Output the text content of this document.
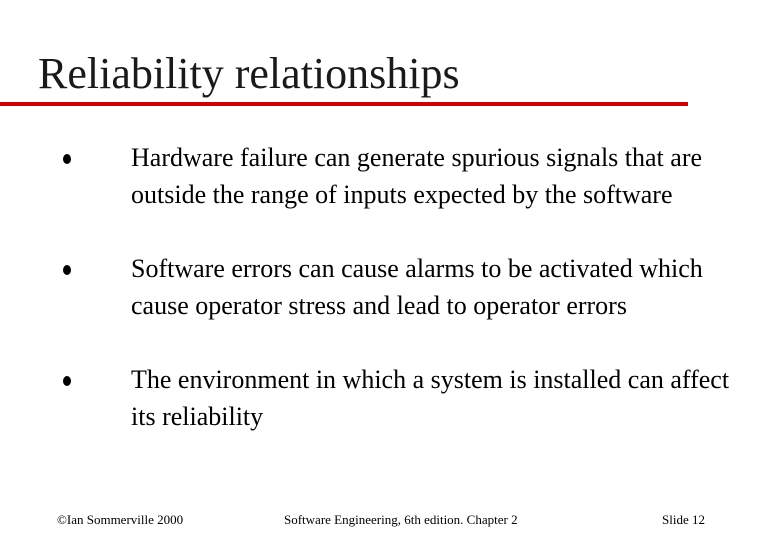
Reliability relationships

Hardware failure can generate spurious signals that are outside the range of inputs expected by the software

Software errors can cause alarms to be activated which cause operator stress and lead to operator errors

The environment in which a system is installed can affect its reliability

©Ian Sommerville 2000	Software Engineering, 6th edition. Chapter 2	Slide 12
